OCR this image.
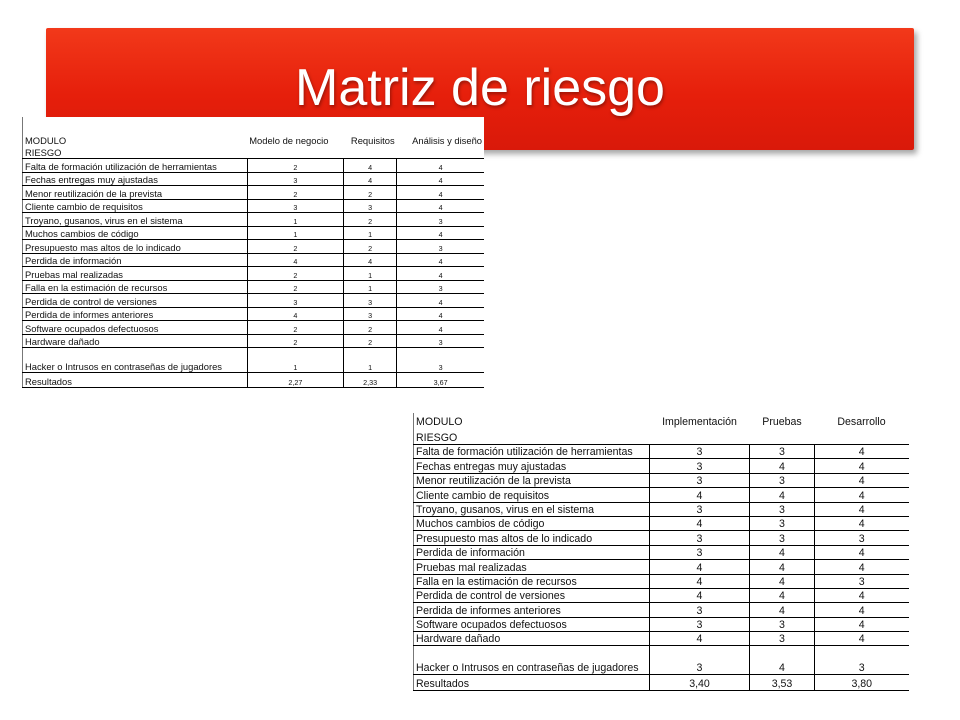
Matriz de riesgo
MODULO	Modelo de negocio	Requisitos	Análisis y diseño
RIESGO			
Falta de formación utilización de herramientas	2	4	4
Fechas entregas muy ajustadas	3	4	4
Menor reutilización de la prevista	2	2	4
Cliente cambio de requisitos	3	3	4
Troyano, gusanos, virus en el sistema	1	2	3
Muchos cambios de código	1	1	4
Presupuesto mas altos de lo indicado	2	2	3
Perdida de información	4	4	4
Pruebas mal realizadas	2	1	4
Falla en la estimación de recursos	2	1	3
Perdida de control de versiones	3	3	4
Perdida de informes anteriores	4	3	4
Software ocupados defectuosos	2	2	4
Hardware dañado	2	2	3
Hacker o Intrusos en contraseñas de jugadores	1	1	3
Resultados	2,27	2,33	3,67
MODULO	Implementación	Pruebas	Desarrollo
RIESGO			
Falta de formación utilización de herramientas	3	3	4
Fechas entregas muy ajustadas	3	4	4
Menor reutilización de la prevista	3	3	4
Cliente cambio de requisitos	4	4	4
Troyano, gusanos, virus en el sistema	3	3	4
Muchos cambios de código	4	3	4
Presupuesto mas altos de lo indicado	3	3	3
Perdida de información	3	4	4
Pruebas mal realizadas	4	4	4
Falla en la estimación de recursos	4	4	3
Perdida de control de versiones	4	4	4
Perdida de informes anteriores	3	4	4
Software ocupados defectuosos	3	3	4
Hardware dañado	4	3	4
Hacker o Intrusos en contraseñas de jugadores	3	4	3
Resultados	3,40	3,53	3,80
